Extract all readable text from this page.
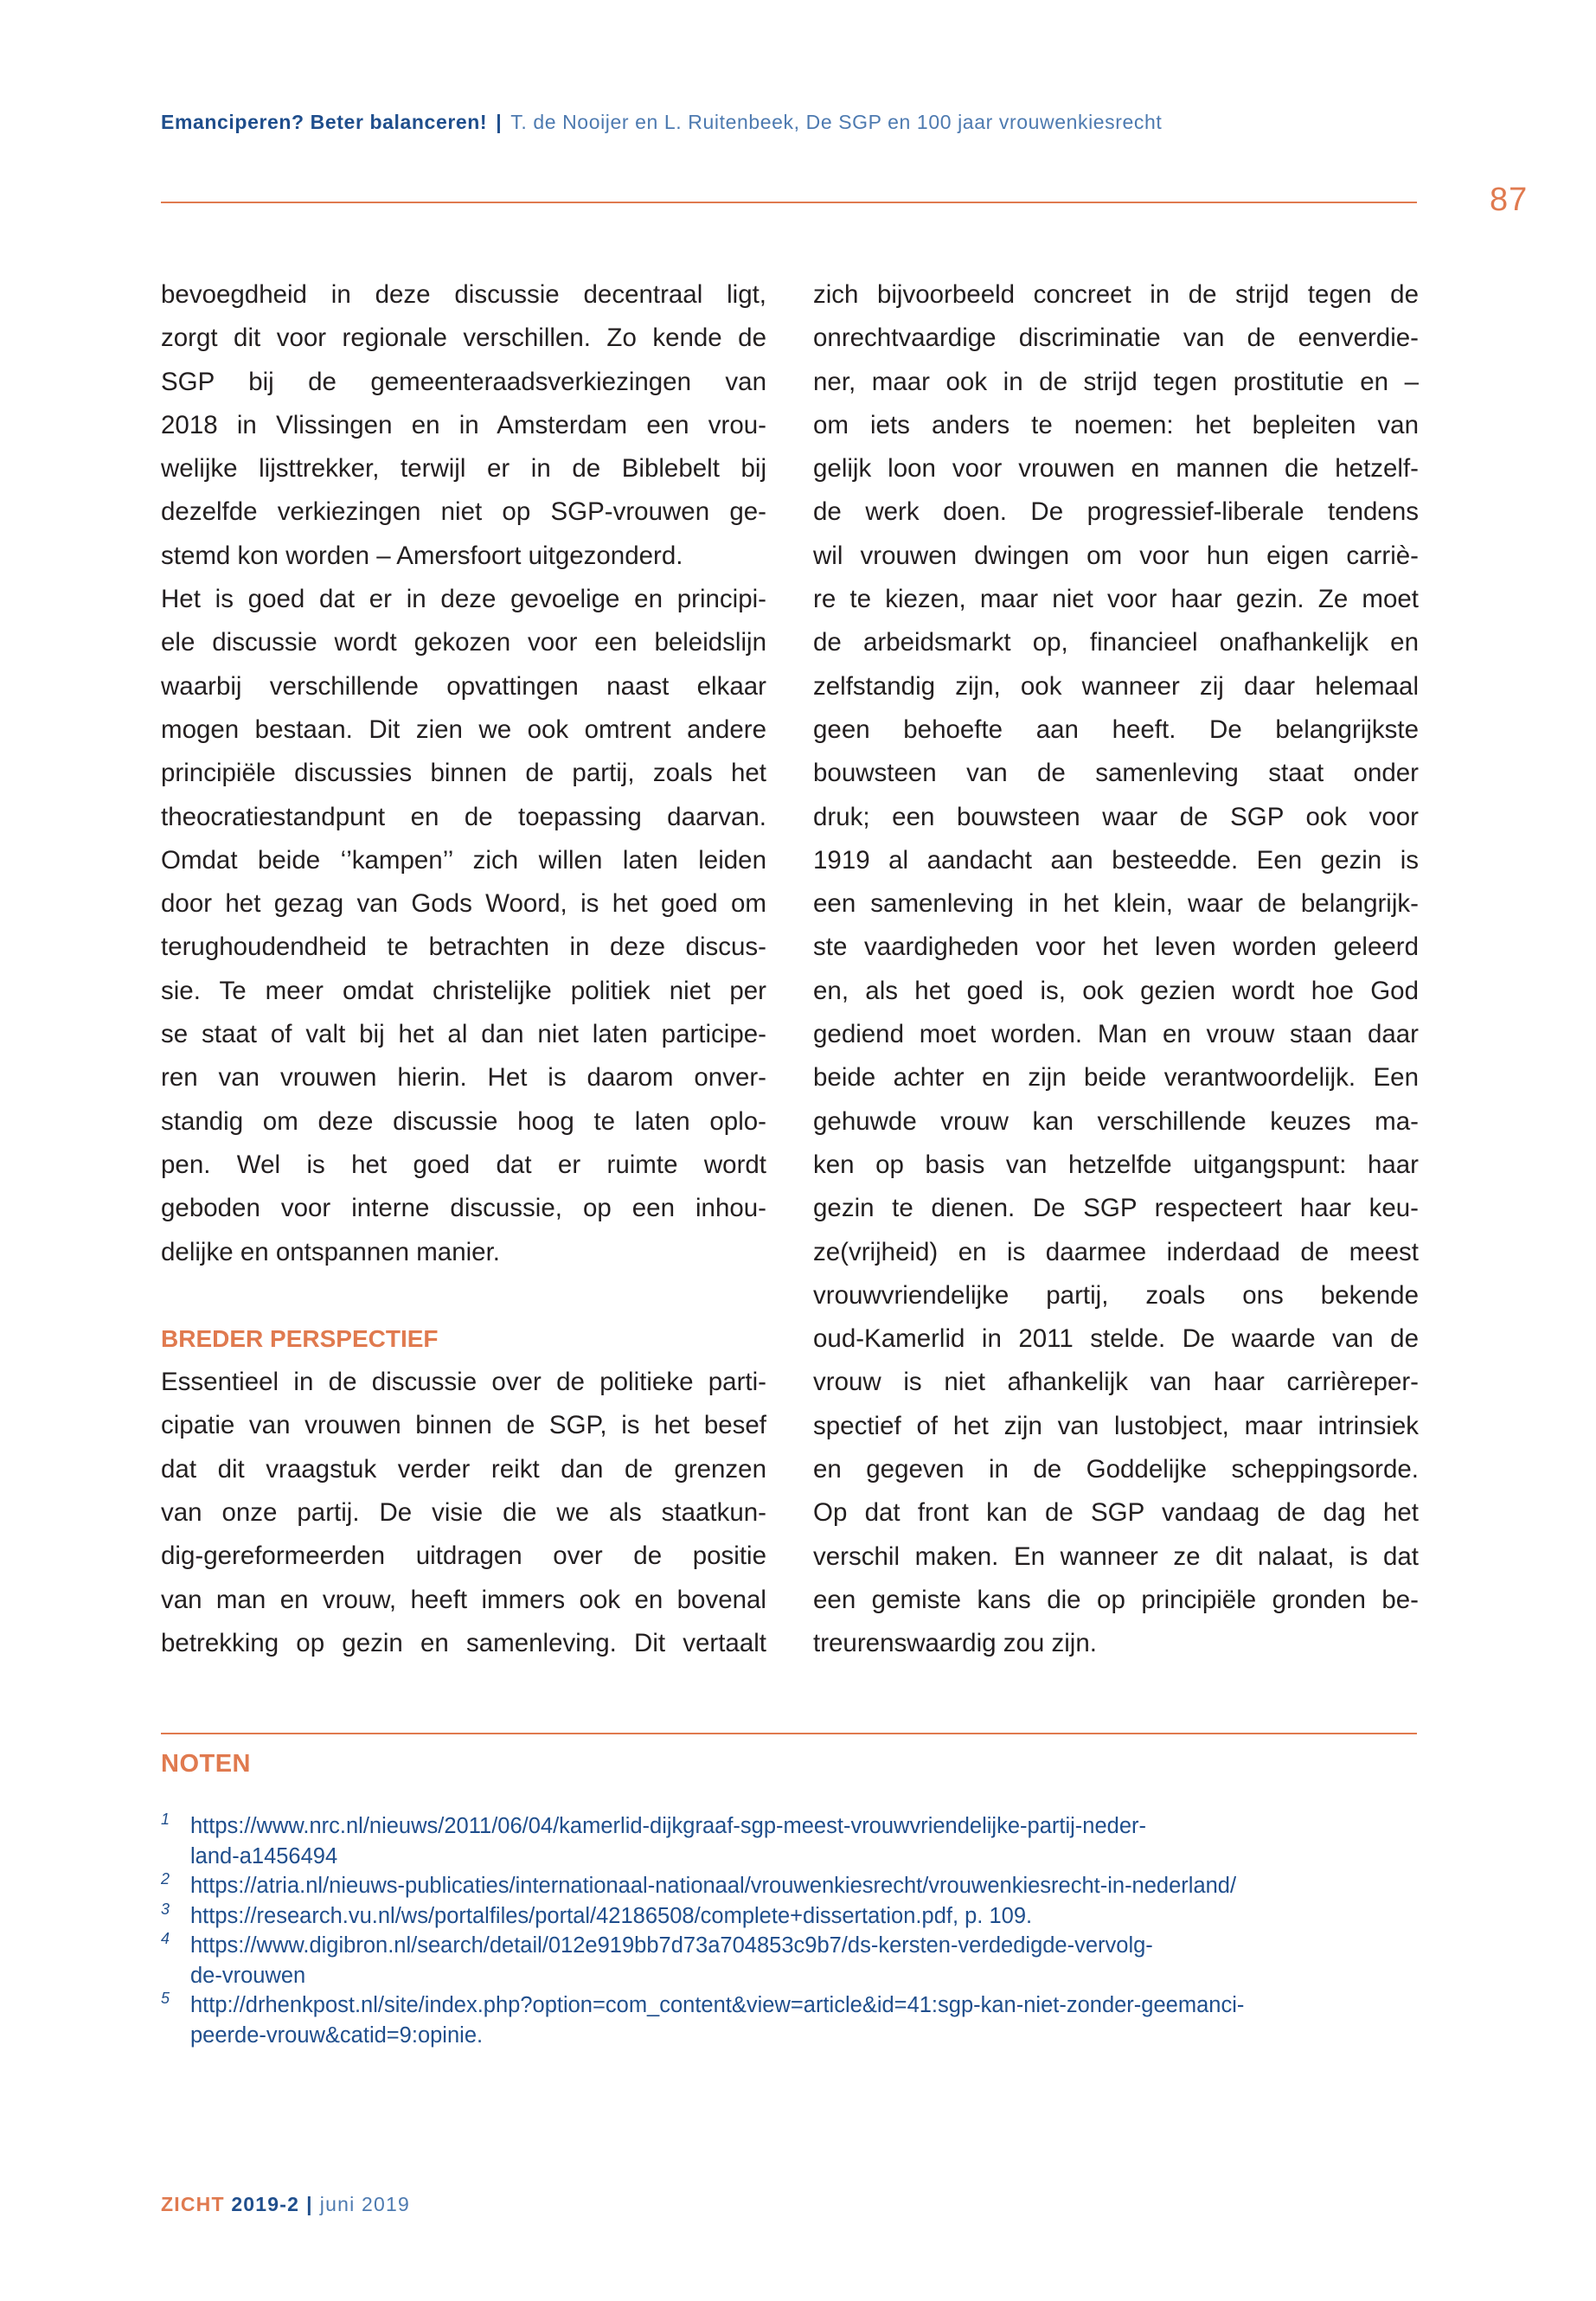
Emanciperen? Beter balanceren! | T. de Nooijer en L. Ruitenbeek, De SGP en 100 jaar vrouwenkiesrecht
87
bevoegdheid in deze discussie decentraal ligt,
zorgt dit voor regionale verschillen. Zo kende de
SGP bij de gemeenteraadsverkiezingen van
2018 in Vlissingen en in Amsterdam een vrou-
welijke lijsttrekker, terwijl er in de Biblebelt bij
dezelfde verkiezingen niet op SGP-vrouwen ge-
stemd kon worden – Amersfoort uitgezonderd.
Het is goed dat er in deze gevoelige en principi-
ele discussie wordt gekozen voor een beleidslijn
waarbij verschillende opvattingen naast elkaar
mogen bestaan. Dit zien we ook omtrent andere
principiële discussies binnen de partij, zoals het
theocratiestandpunt en de toepassing daarvan.
Omdat beide ‘’kampen’’ zich willen laten leiden
door het gezag van Gods Woord, is het goed om
terughoudendheid te betrachten in deze discus-
sie. Te meer omdat christelijke politiek niet per
se staat of valt bij het al dan niet laten participe-
ren van vrouwen hierin. Het is daarom onver-
standig om deze discussie hoog te laten oplo-
pen. Wel is het goed dat er ruimte wordt
geboden voor interne discussie, op een inhou-
delijke en ontspannen manier.
BREDER PERSPECTIEF
Essentieel in de discussie over de politieke parti-
cipatie van vrouwen binnen de SGP, is het besef
dat dit vraagstuk verder reikt dan de grenzen
van onze partij. De visie die we als staatkun-
dig-gereformeerden uitdragen over de positie
van man en vrouw, heeft immers ook en bovenal
betrekking op gezin en samenleving. Dit vertaalt
zich bijvoorbeeld concreet in de strijd tegen de
onrechtvaardige discriminatie van de eenverdie-
ner, maar ook in de strijd tegen prostitutie en –
om iets anders te noemen: het bepleiten van
gelijk loon voor vrouwen en mannen die hetzelf-
de werk doen. De progressief-liberale tendens
wil vrouwen dwingen om voor hun eigen carriè-
re te kiezen, maar niet voor haar gezin. Ze moet
de arbeidsmarkt op, financieel onafhankelijk en
zelfstandig zijn, ook wanneer zij daar helemaal
geen behoefte aan heeft. De belangrijkste
bouwsteen van de samenleving staat onder
druk; een bouwsteen waar de SGP ook voor
1919 al aandacht aan besteedde. Een gezin is
een samenleving in het klein, waar de belangrijk-
ste vaardigheden voor het leven worden geleerd
en, als het goed is, ook gezien wordt hoe God
gediend moet worden. Man en vrouw staan daar
beide achter en zijn beide verantwoordelijk. Een
gehuwde vrouw kan verschillende keuzes ma-
ken op basis van hetzelfde uitgangspunt: haar
gezin te dienen. De SGP respecteert haar keu-
ze(vrijheid) en is daarmee inderdaad de meest
vrouwvriendelijke partij, zoals ons bekende
oud-Kamerlid in 2011 stelde. De waarde van de
vrouw is niet afhankelijk van haar carrièreper-
spectief of het zijn van lustobject, maar intrinsiek
en gegeven in de Goddelijke scheppingsorde.
Op dat front kan de SGP vandaag de dag het
verschil maken. En wanneer ze dit nalaat, is dat
een gemiste kans die op principiële gronden be-
treurenswaardig zou zijn.
NOTEN
1 https://www.nrc.nl/nieuws/2011/06/04/kamerlid-dijkgraaf-sgp-meest-vrouwvriendelijke-partij-neder-
land-a1456494
2 https://atria.nl/nieuws-publicaties/internationaal-nationaal/vrouwenkiesrecht/vrouwenkiesrecht-in-nederland/
3 https://research.vu.nl/ws/portalfiles/portal/42186508/complete+dissertation.pdf, p. 109.
4 https://www.digibron.nl/search/detail/012e919bb7d73a704853c9b7/ds-kersten-verdedigde-vervolg-
de-vrouwen
5 http://drhenkpost.nl/site/index.php?option=com_content&view=article&id=41:sgp-kan-niet-zonder-geemanci-
peerde-vrouw&catid=9:opinie.
ZICHT 2019-2 | juni 2019
